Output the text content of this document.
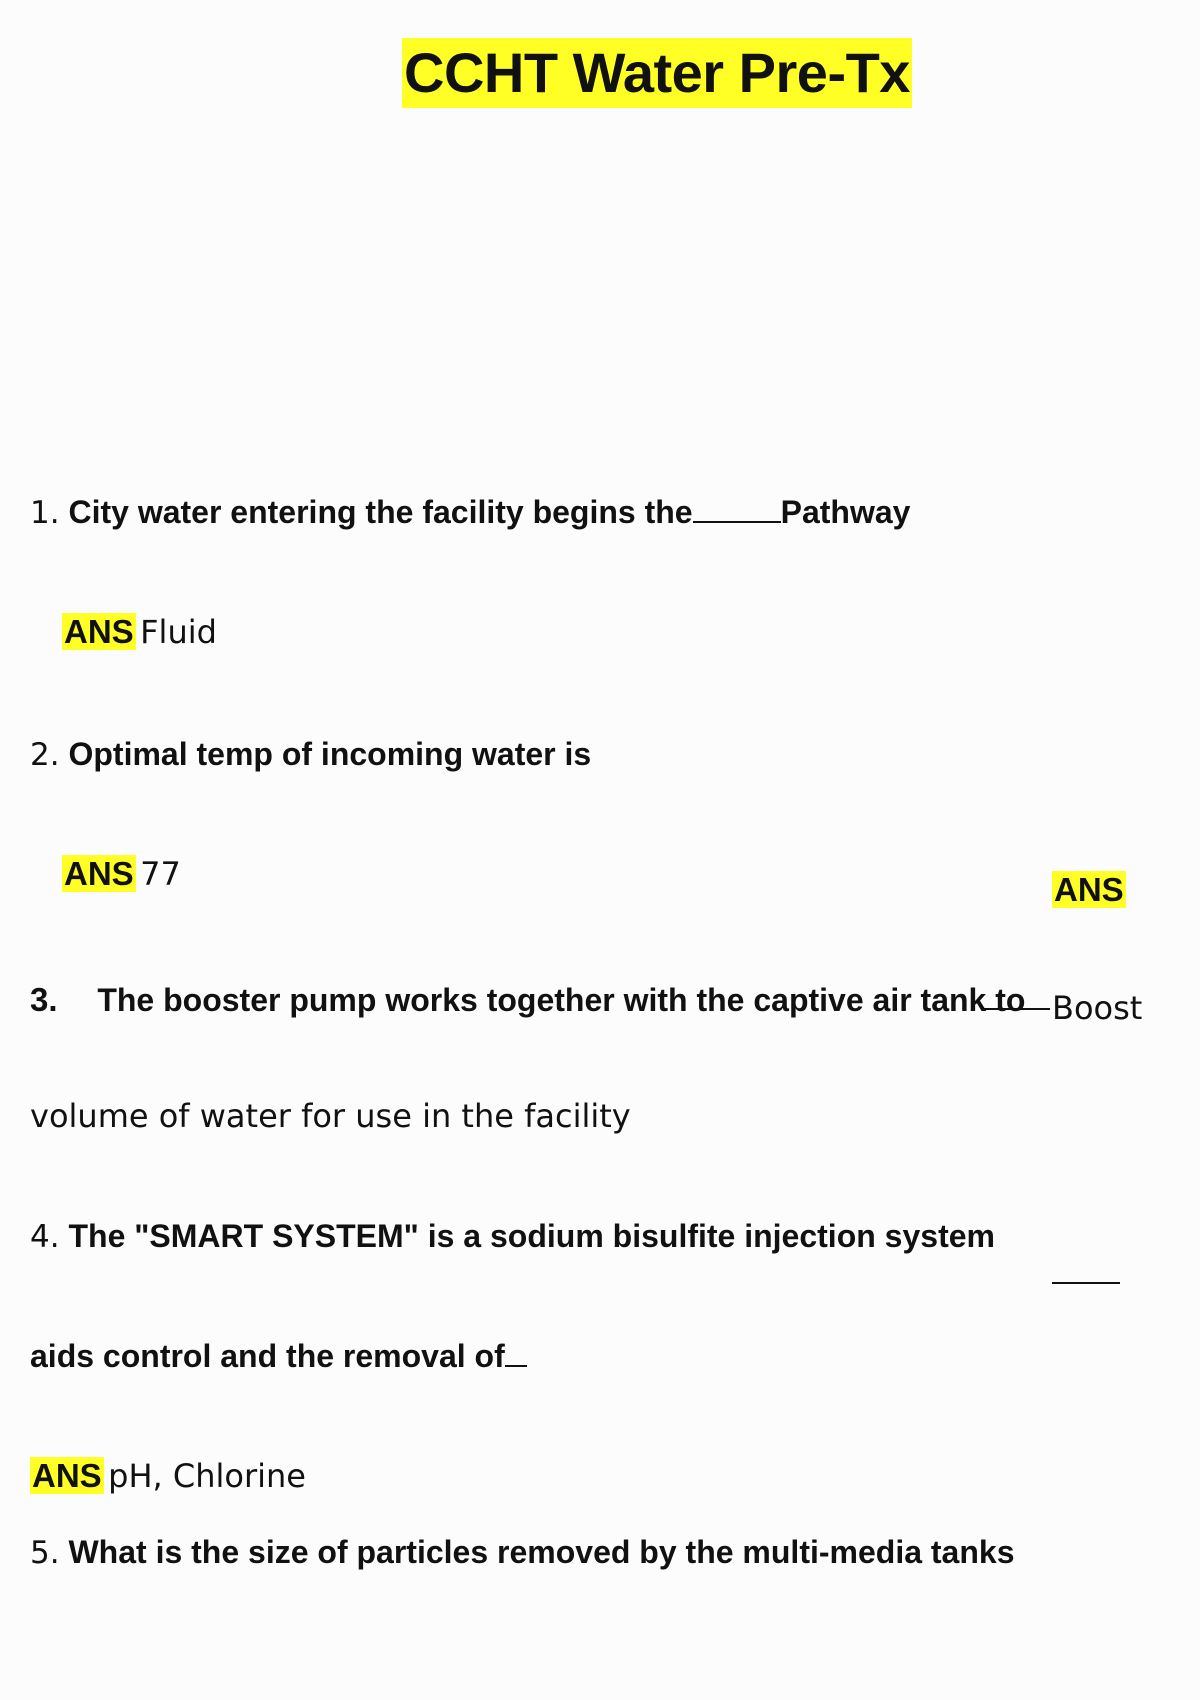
CCHT Water Pre-Tx
1. City water entering the facility begins the	Pathway
ANS Fluid
2. Optimal temp of incoming water is
ANS 77	ANS
3. The booster pump works together with the captive air tank to Boost
volume of water for use in the facility
4. The "SMART SYSTEM" is a sodium bisulfite injection system
aids control and the removal of
ANS pH, Chlorine
5. What is the size of particles removed by the multi-media tanks
